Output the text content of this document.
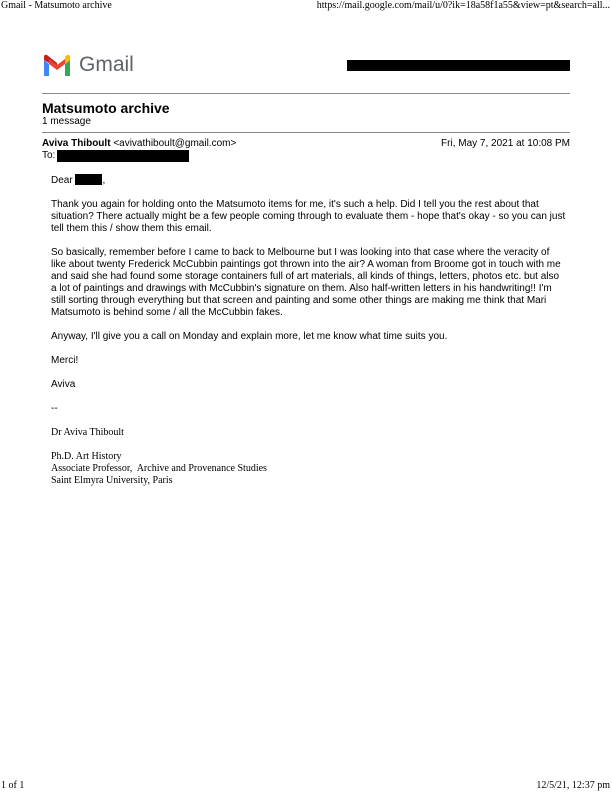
Gmail - Matsumoto archive	https://mail.google.com/mail/u/0?ik=18a58f1a55&view=pt&search=all...
Gmail
Matsumoto archive
1 message
Aviva Thiboult <avivathiboult@gmail.com>	Fri, May 7, 2021 at 10:08 PM
To:

Dear	,

Thank you again for holding onto the Matsumoto items for me, it's such a help. Did I tell you the rest about that situation? There actually might be a few people coming through to evaluate them - hope that's okay - so you can just tell them this / show them this email.

So basically, remember before I came to back to Melbourne but I was looking into that case where the veracity of like about twenty Frederick McCubbin paintings got thrown into the air? A woman from Broome got in touch with me and said she had found some storage containers full of art materials, all kinds of things, letters, photos etc. but also a lot of paintings and drawings with McCubbin's signature on them. Also half-written letters in his handwriting!! I'm still sorting through everything but that screen and painting and some other things are making me think that Mari Matsumoto is behind some / all the McCubbin fakes.

Anyway, I'll give you a call on Monday and explain more, let me know what time suits you.

Merci!

Aviva

--

Dr Aviva Thiboult

Ph.D. Art History
Associate Professor,  Archive and Provenance Studies
Saint Elmyra University, Paris
1 of 1	12/5/21, 12:37 pm
